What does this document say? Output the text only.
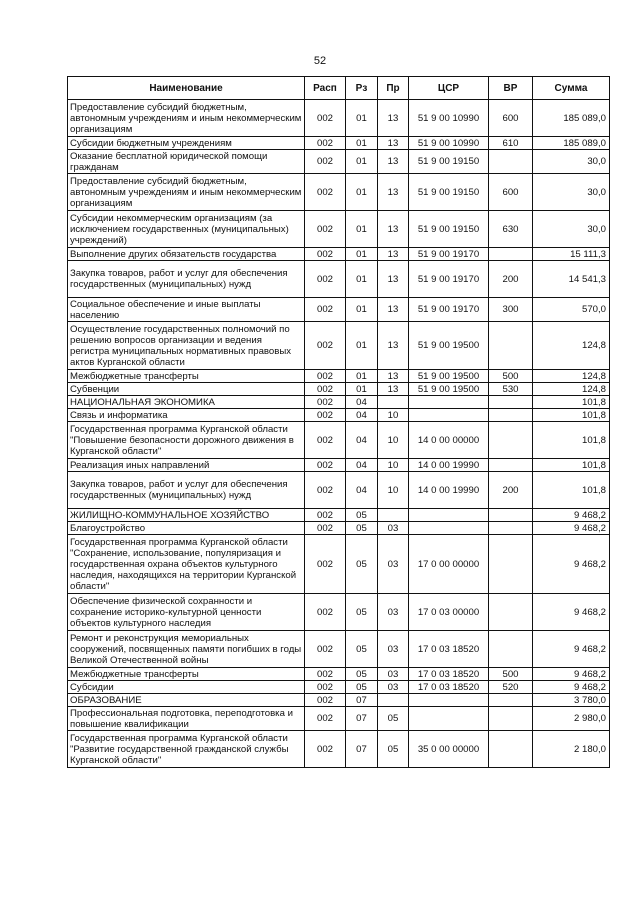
52
Наименование	Расп	Рз	Пр	ЦСР	ВР	Сумма
Предоставление субсидий бюджетным, автономным учреждениям и иным некоммерческим организациям	002	01	13	51 9 00 10990	600	185 089,0
Субсидии бюджетным учреждениям	002	01	13	51 9 00 10990	610	185 089,0
Оказание бесплатной юридической помощи гражданам	002	01	13	51 9 00 19150		30,0
Предоставление субсидий бюджетным, автономным учреждениям и иным некоммерческим организациям	002	01	13	51 9 00 19150	600	30,0
Субсидии некоммерческим организациям (за исключением государственных (муниципальных) учреждений)	002	01	13	51 9 00 19150	630	30,0
Выполнение других обязательств государства	002	01	13	51 9 00 19170		15 111,3
Закупка товаров, работ и услуг для обеспечения государственных (муниципальных) нужд	002	01	13	51 9 00 19170	200	14 541,3
Социальное обеспечение и иные выплаты населению	002	01	13	51 9 00 19170	300	570,0
Осуществление государственных полномочий по решению вопросов организации и ведения регистра муниципальных нормативных правовых актов Курганской области	002	01	13	51 9 00 19500		124,8
Межбюджетные трансферты	002	01	13	51 9 00 19500	500	124,8
Субвенции	002	01	13	51 9 00 19500	530	124,8
НАЦИОНАЛЬНАЯ ЭКОНОМИКА	002	04				101,8
Связь и информатика	002	04	10			101,8
Государственная программа Курганской области "Повышение безопасности дорожного движения в Курганской области"	002	04	10	14 0 00 00000		101,8
Реализация иных направлений	002	04	10	14 0 00 19990		101,8
Закупка товаров, работ и услуг для обеспечения государственных (муниципальных) нужд	002	04	10	14 0 00 19990	200	101,8
ЖИЛИЩНО-КОММУНАЛЬНОЕ ХОЗЯЙСТВО	002	05				9 468,2
Благоустройство	002	05	03			9 468,2
Государственная программа Курганской области "Сохранение, использование, популяризация и государственная охрана объектов культурного наследия, находящихся на территории Курганской области"	002	05	03	17 0 00 00000		9 468,2
Обеспечение физической сохранности и сохранение историко-культурной ценности объектов культурного наследия	002	05	03	17 0 03 00000		9 468,2
Ремонт и реконструкция мемориальных сооружений, посвященных памяти погибших в годы Великой Отечественной войны	002	05	03	17 0 03 18520		9 468,2
Межбюджетные трансферты	002	05	03	17 0 03 18520	500	9 468,2
Субсидии	002	05	03	17 0 03 18520	520	9 468,2
ОБРАЗОВАНИЕ	002	07				3 780,0
Профессиональная подготовка, переподготовка и повышение квалификации	002	07	05			2 980,0
Государственная программа Курганской области "Развитие государственной гражданской службы Курганской области"	002	07	05	35 0 00 00000		2 180,0
